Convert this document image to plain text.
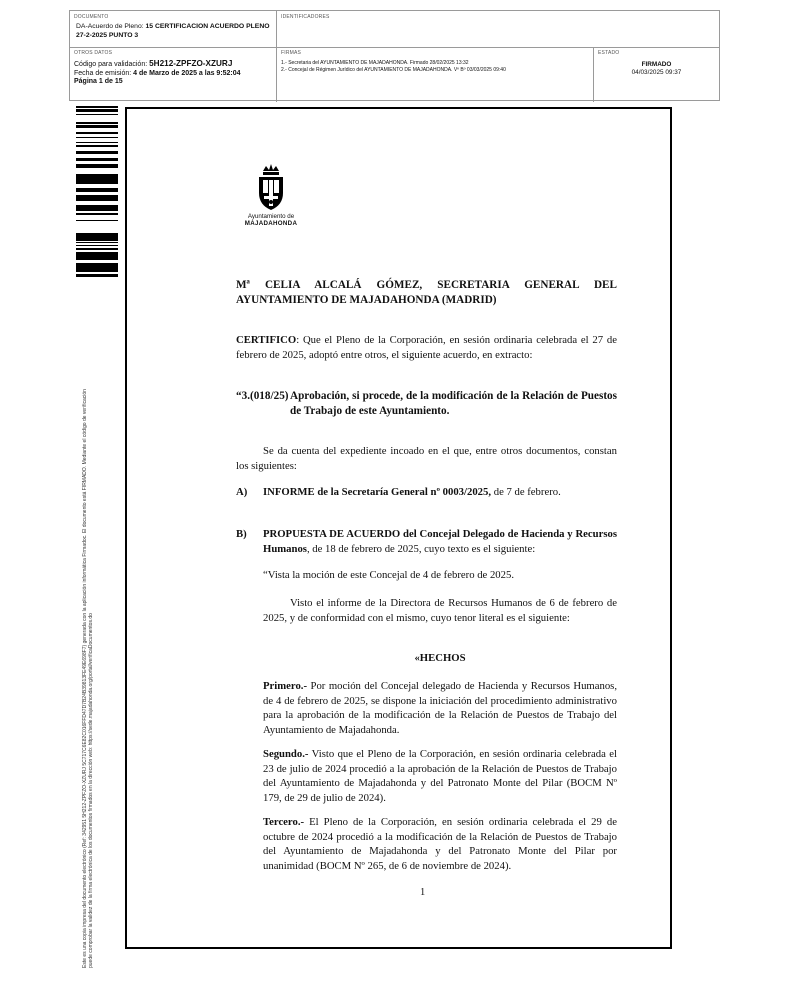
DOCUMENTO
DA-Acuerdo de Pleno: 15 CERTIFICACION ACUERDO PLENO 27-2-2025 PUNTO 3
IDENTIFICADORES
OTROS DATOS
Código para validación: 5H212-ZPFZO-XZURJ
Fecha de emisión: 4 de Marzo de 2025 a las 9:52:04
Página 1 de 15
FIRMAS
1.- Secretaria del AYUNTAMIENTO DE MAJADAHONDA. Firmado 28/02/2025 13:32
2.- Concejal de Régimen Jurídico del AYUNTAMIENTO DE MAJADAHONDA. Vº Bº 03/03/2025 09:40
ESTADO
FIRMADO
04/03/2025 09:37
Este es una copia impresa del documento electrónico (Ref: 342951 5H212-ZPFZO-XZURJ 5C717C6E82C016FFD47D7B24B39813FE49E698F7) generada con la aplicación informática Firmadoc. El documento está FIRMADO. Mediante el código de verificación puede comprobar la validez de la firma electrónica de los documentos firmados en la dirección web: https://sede.majadahonda.org/portal/verificaDocumentos.do
Ayuntamiento de
MAJADAHONDA
Mª CELIA ALCALÁ GÓMEZ, SECRETARIA GENERAL DEL AYUNTAMIENTO DE MAJADAHONDA (MADRID)
CERTIFICO: Que el Pleno de la Corporación, en sesión ordinaria celebrada el 27 de febrero de 2025, adoptó entre otros, el siguiente acuerdo, en extracto:
“3.(018/25) Aprobación, si procede, de la modificación de la Relación de Puestos de Trabajo de este Ayuntamiento.
Se da cuenta del expediente incoado en el que, entre otros documentos, constan los siguientes:
A)	INFORME de la Secretaría General nº 0003/2025, de 7 de febrero.
B)	PROPUESTA DE ACUERDO del Concejal Delegado de Hacienda y Recursos Humanos, de 18 de febrero de 2025, cuyo texto es el siguiente:
“Vista la moción de este Concejal de 4 de febrero de 2025.
Visto el informe de la Directora de Recursos Humanos de 6 de febrero de 2025, y de conformidad con el mismo, cuyo tenor literal es el siguiente:
«HECHOS
Primero.- Por moción del Concejal delegado de Hacienda y Recursos Humanos, de 4 de febrero de 2025, se dispone la iniciación del procedimiento administrativo para la aprobación de la modificación de la Relación de Puestos de Trabajo del Ayuntamiento de Majadahonda.
Segundo.- Visto que el Pleno de la Corporación, en sesión ordinaria celebrada el 23 de julio de 2024 procedió a la aprobación de la Relación de Puestos de Trabajo del Ayuntamiento de Majadahonda y del Patronato Monte del Pilar (BOCM Nº 179, de 29 de julio de 2024).
Tercero.- El Pleno de la Corporación, en sesión ordinaria celebrada el 29 de octubre de 2024 procedió a la modificación de la Relación de Puestos de Trabajo del Ayuntamiento de Majadahonda y del Patronato Monte del Pilar por unanimidad (BOCM Nº 265, de 6 de noviembre de 2024).
1
